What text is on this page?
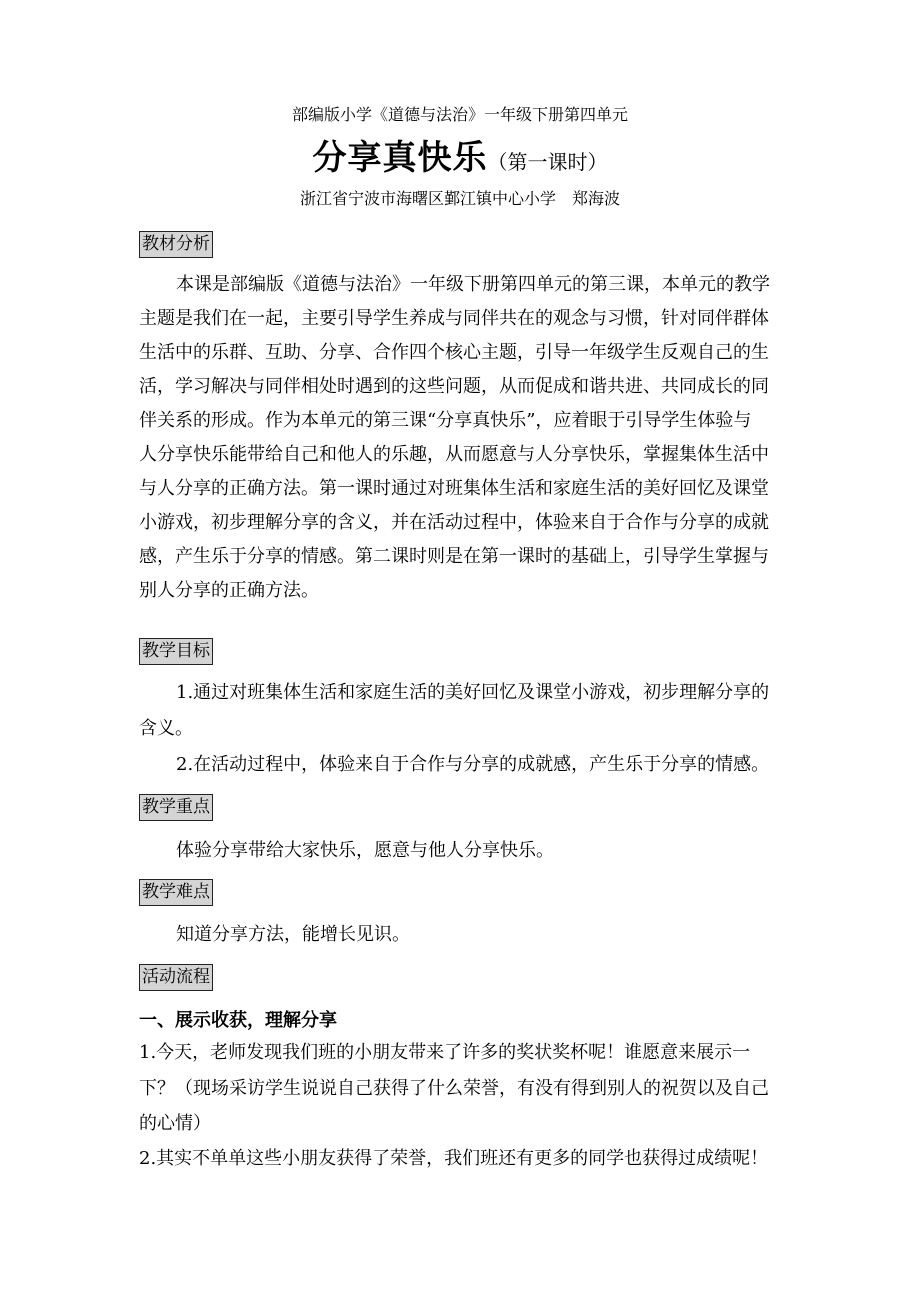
部编版小学《道德与法治》一年级下册第四单元
分享真快乐（第一课时）
浙江省宁波市海曙区鄞江镇中心小学　郑海波
教材分析
本课是部编版《道德与法治》一年级下册第四单元的第三课，本单元的教学
主题是我们在一起，主要引导学生养成与同伴共在的观念与习惯，针对同伴群体
生活中的乐群、互助、分享、合作四个核心主题，引导一年级学生反观自己的生
活，学习解决与同伴相处时遇到的这些问题，从而促成和谐共进、共同成长的同
伴关系的形成。作为本单元的第三课“分享真快乐”，应着眼于引导学生体验与
人分享快乐能带给自己和他人的乐趣，从而愿意与人分享快乐，掌握集体生活中
与人分享的正确方法。第一课时通过对班集体生活和家庭生活的美好回忆及课堂
小游戏，初步理解分享的含义，并在活动过程中，体验来自于合作与分享的成就
感，产生乐于分享的情感。第二课时则是在第一课时的基础上，引导学生掌握与
别人分享的正确方法。
教学目标
1.通过对班集体生活和家庭生活的美好回忆及课堂小游戏，初步理解分享的
含义。
2.在活动过程中，体验来自于合作与分享的成就感，产生乐于分享的情感。
教学重点
体验分享带给大家快乐，愿意与他人分享快乐。
教学难点
知道分享方法，能增长见识。
活动流程
一、展示收获，理解分享
1.今天，老师发现我们班的小朋友带来了许多的奖状奖杯呢！谁愿意来展示一
下？（现场采访学生说说自己获得了什么荣誉，有没有得到别人的祝贺以及自己
的心情）
2.其实不单单这些小朋友获得了荣誉，我们班还有更多的同学也获得过成绩呢！
